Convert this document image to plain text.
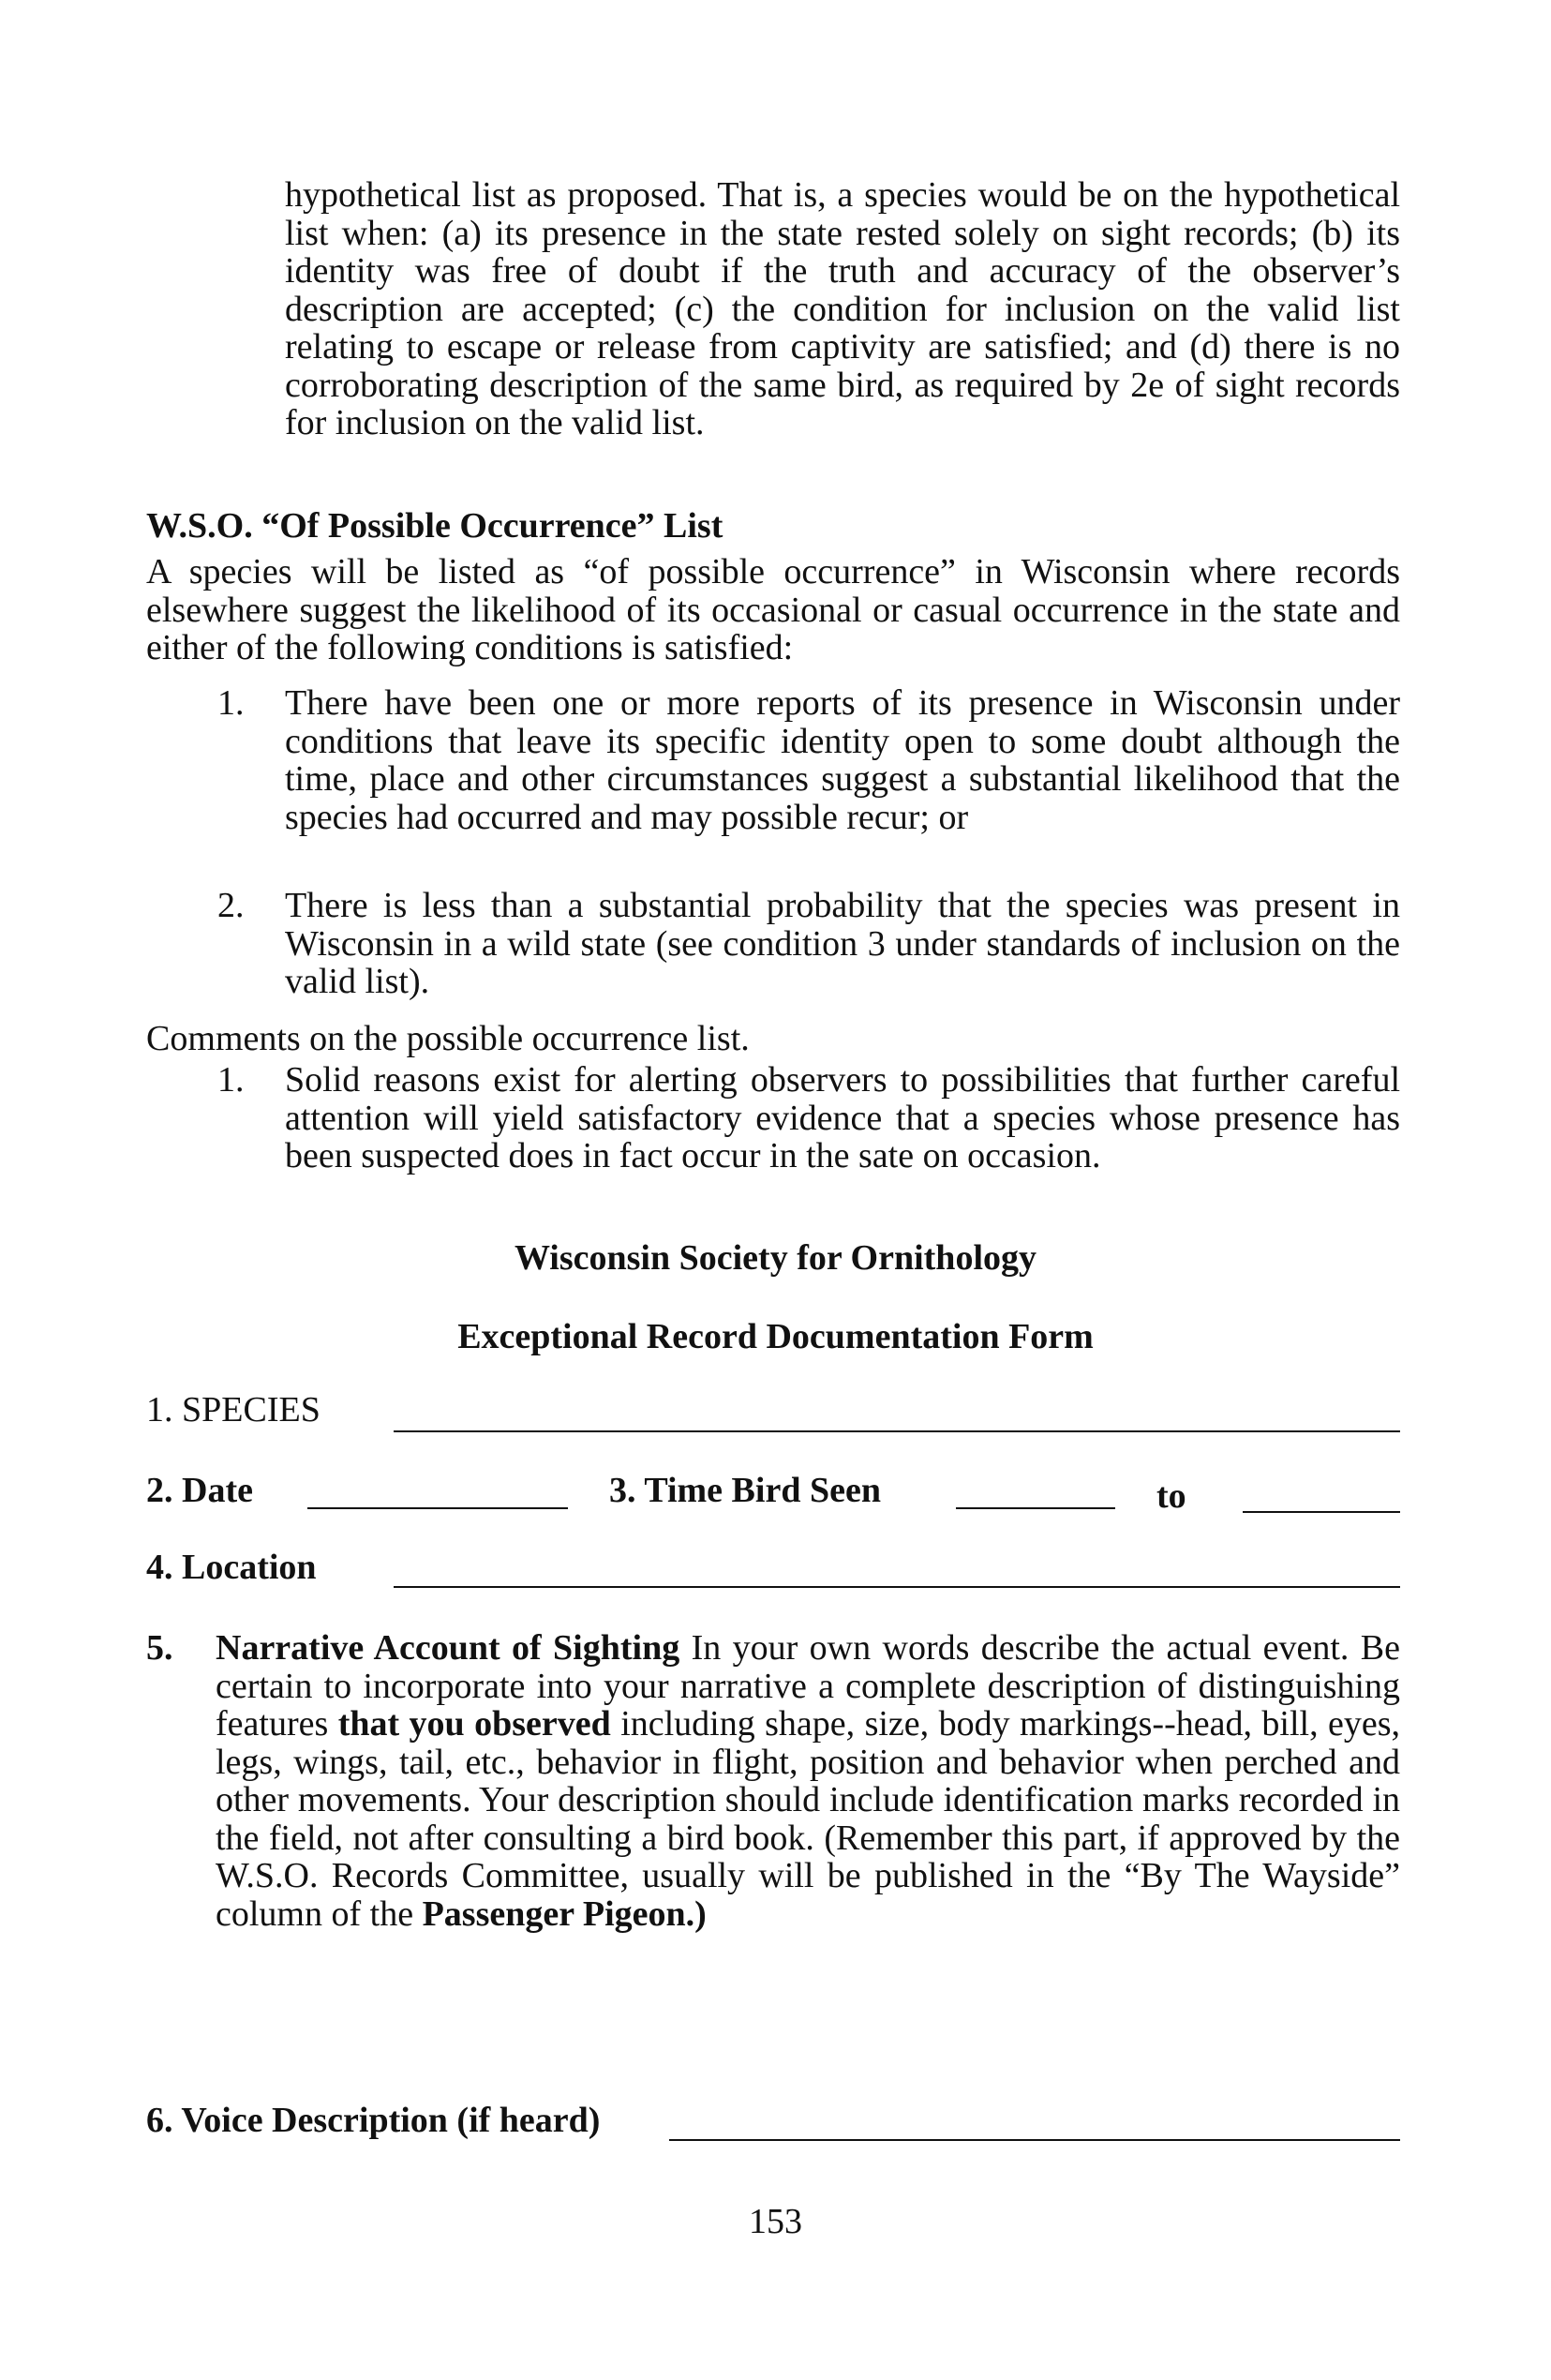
hypothetical list as proposed. That is, a species would be on the hypothetical list when: (a) its presence in the state rested solely on sight records; (b) its identity was free of doubt if the truth and accuracy of the observer’s description are accepted; (c) the condition for inclusion on the valid list relating to escape or release from captivity are satisfied; and (d) there is no corroborating description of the same bird, as required by 2e of sight records for inclusion on the valid list.

W.S.O. “Of Possible Occurrence” List

A species will be listed as “of possible occurrence” in Wisconsin where records elsewhere suggest the likelihood of its occasional or casual occurrence in the state and either of the following conditions is satisfied:

1. There have been one or more reports of its presence in Wisconsin under conditions that leave its specific identity open to some doubt although the time, place and other circumstances suggest a substantial likelihood that the species had occurred and may possible recur; or

2. There is less than a substantial probability that the species was present in Wisconsin in a wild state (see condition 3 under standards of inclusion on the valid list).

Comments on the possible occurrence list.

1. Solid reasons exist for alerting observers to possibilities that further careful attention will yield satisfactory evidence that a species whose presence has been suspected does in fact occur in the sate on occasion.

Wisconsin Society for Ornithology
Exceptional Record Documentation Form
1. SPECIES
2. Date	3. Time Bird Seen	to
4. Location
5. Narrative Account of Sighting In your own words describe the actual event. Be certain to incorporate into your narrative a complete description of distinguishing features that you observed including shape, size, body markings--head, bill, eyes, legs, wings, tail, etc., behavior in flight, position and behavior when perched and other movements. Your description should include identification marks recorded in the field, not after consulting a bird book. (Remember this part, if approved by the W.S.O. Records Committee, usually will be published in the “By The Wayside” column of the Passenger Pigeon.)

6. Voice Description (if heard)
153
